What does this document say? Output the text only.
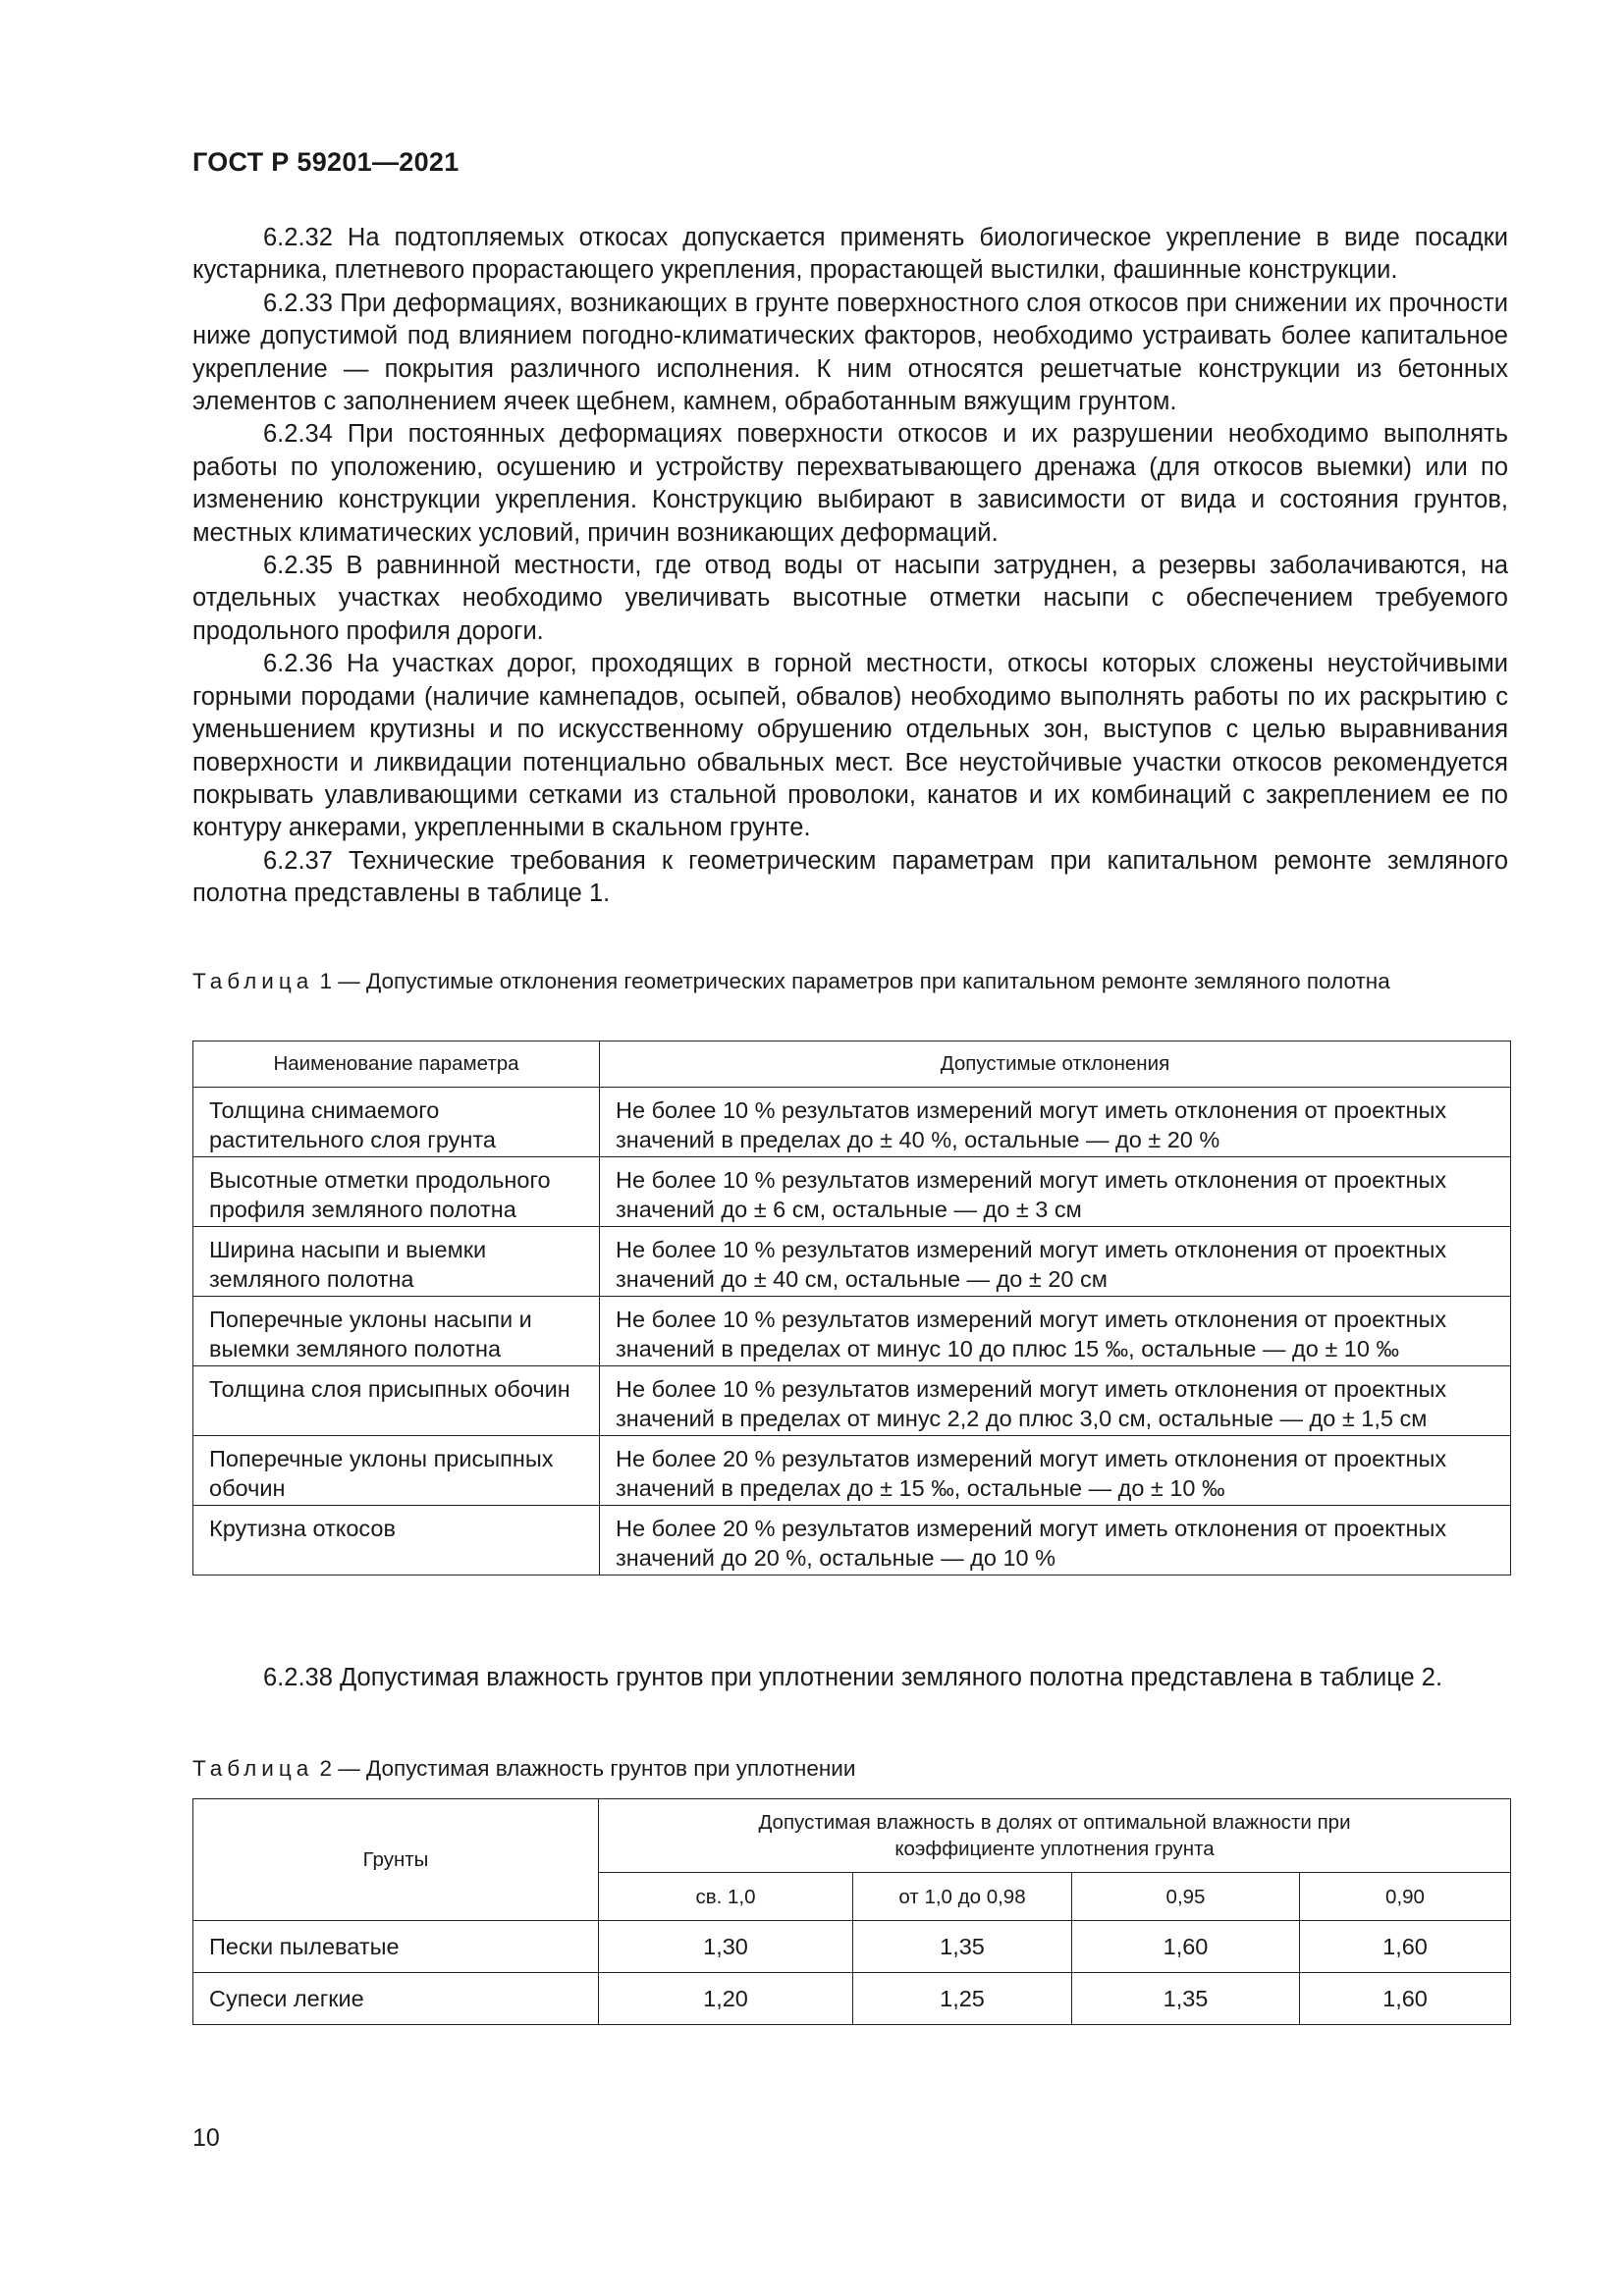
ГОСТ Р 59201—2021

6.2.32 На подтопляемых откосах допускается применять биологическое укрепление в виде посадки кустарника, плетневого прорастающего укрепления, прорастающей выстилки, фашинные конструкции.

6.2.33 При деформациях, возникающих в грунте поверхностного слоя откосов при снижении их прочности ниже допустимой под влиянием погодно-климатических факторов, необходимо устраивать более капитальное укрепление — покрытия различного исполнения. К ним относятся решетчатые конструкции из бетонных элементов с заполнением ячеек щебнем, камнем, обработанным вяжущим грунтом.

6.2.34 При постоянных деформациях поверхности откосов и их разрушении необходимо выполнять работы по уположению, осушению и устройству перехватывающего дренажа (для откосов выемки) или по изменению конструкции укрепления. Конструкцию выбирают в зависимости от вида и состояния грунтов, местных климатических условий, причин возникающих деформаций.

6.2.35 В равнинной местности, где отвод воды от насыпи затруднен, а резервы заболачиваются, на отдельных участках необходимо увеличивать высотные отметки насыпи с обеспечением требуемого продольного профиля дороги.

6.2.36 На участках дорог, проходящих в горной местности, откосы которых сложены неустойчивыми горными породами (наличие камнепадов, осыпей, обвалов) необходимо выполнять работы по их раскрытию с уменьшением крутизны и по искусственному обрушению отдельных зон, выступов с целью выравнивания поверхности и ликвидации потенциально обвальных мест. Все неустойчивые участки откосов рекомендуется покрывать улавливающими сетками из стальной проволоки, канатов и их комбинаций с закреплением ее по контуру анкерами, укрепленными в скальном грунте.

6.2.37 Технические требования к геометрическим параметрам при капитальном ремонте земляного полотна представлены в таблице 1.

Таблица 1 — Допустимые отклонения геометрических параметров при капитальном ремонте земляного полотна
Наименование параметра	Допустимые отклонения
Толщина снимаемого растительного слоя грунта	Не более 10 % результатов измерений могут иметь отклонения от проектных значений в пределах до ± 40 %, остальные — до ± 20 %
Высотные отметки продольного профиля земляного полотна	Не более 10 % результатов измерений могут иметь отклонения от проектных значений до ± 6 см, остальные — до ± 3 см
Ширина насыпи и выемки земляного полотна	Не более 10 % результатов измерений могут иметь отклонения от проектных значений до ± 40 см, остальные — до ± 20 см
Поперечные уклоны насыпи и выемки земляного полотна	Не более 10 % результатов измерений могут иметь отклонения от проектных значений в пределах от минус 10 до плюс 15 ‰, остальные — до ± 10 ‰
Толщина слоя присыпных обочин	Не более 10 % результатов измерений могут иметь отклонения от проектных значений в пределах от минус 2,2 до плюс 3,0 см, остальные — до ± 1,5 см
Поперечные уклоны присыпных обочин	Не более 20 % результатов измерений могут иметь отклонения от проектных значений в пределах до ± 15 ‰, остальные — до ± 10 ‰
Крутизна откосов	Не более 20 % результатов измерений могут иметь отклонения от проектных значений до 20 %, остальные — до 10 %

6.2.38 Допустимая влажность грунтов при уплотнении земляного полотна представлена в таблице 2.

Таблица 2 — Допустимая влажность грунтов при уплотнении
Грунты	Допустимая влажность в долях от оптимальной влажности при коэффициенте уплотнения грунта			
	св. 1,0	от 1,0 до 0,98	0,95	0,90
Пески пылеватые	1,30	1,35	1,60	1,60
Супеси легкие	1,20	1,25	1,35	1,60
10
